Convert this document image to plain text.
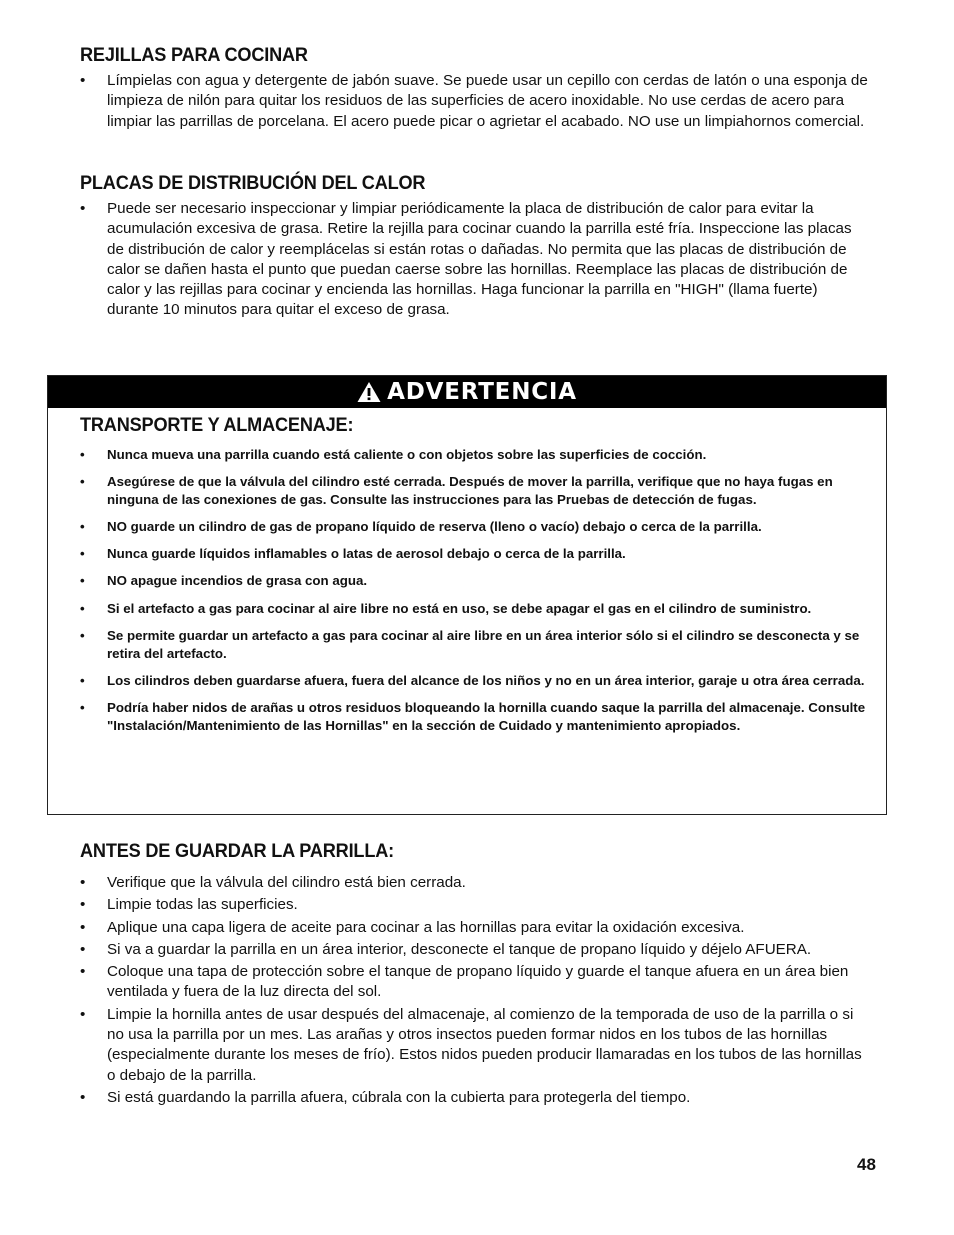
REJILLAS PARA COCINAR
• Límpielas con agua y detergente de jabón suave. Se puede usar un cepillo con cerdas de latón o una esponja de limpieza de nilón para quitar los residuos de las superficies de acero inoxidable. No use cerdas de acero para limpiar las parrillas de porcelana. El acero puede picar o agrietar el acabado. NO use un limpiahornos comercial.
PLACAS DE DISTRIBUCIÓN DEL CALOR
• Puede ser necesario inspeccionar y limpiar periódicamente la placa de distribución de calor para evitar la acumulación excesiva de grasa. Retire la rejilla para cocinar cuando la parrilla esté fría. Inspeccione las placas de distribución de calor y reemplácelas si están rotas o dañadas. No permita que las placas de distribución de calor se dañen hasta el punto que puedan caerse sobre las hornillas. Reemplace las placas de distribución de calor y las rejillas para cocinar y encienda las hornillas. Haga funcionar la parrilla en "HIGH" (llama fuerte) durante 10 minutos para quitar el exceso de grasa.
ADVERTENCIA
TRANSPORTE Y ALMACENAJE:
• Nunca mueva una parrilla cuando está caliente o con objetos sobre las superficies de cocción.
• Asegúrese de que la válvula del cilindro esté cerrada. Después de mover la parrilla, verifique que no haya fugas en ninguna de las conexiones de gas. Consulte las instrucciones para las Pruebas de detección de fugas.
• NO guarde un cilindro de gas de propano líquido de reserva (lleno o vacío) debajo o cerca de la parrilla.
• Nunca guarde líquidos inflamables o latas de aerosol debajo o cerca de la parrilla.
• NO apague incendios de grasa con agua.
• Si el artefacto a gas para cocinar al aire libre no está en uso, se debe apagar el gas en el cilindro de suministro.
• Se permite guardar un artefacto a gas para cocinar al aire libre en un área interior sólo si el cilindro se desconecta y se retira del artefacto.
• Los cilindros deben guardarse afuera, fuera del alcance de los niños y no en un área interior, garaje u otra área cerrada.
• Podría haber nidos de arañas u otros residuos bloqueando la hornilla cuando saque la parrilla del almacenaje. Consulte "Instalación/Mantenimiento de las Hornillas" en la sección de Cuidado y mantenimiento apropiados.
ANTES DE GUARDAR LA PARRILLA:
• Verifique que la válvula del cilindro está bien cerrada.
• Limpie todas las superficies.
• Aplique una capa ligera de aceite para cocinar a las hornillas para evitar la oxidación excesiva.
• Si va a guardar la parrilla en un área interior, desconecte el tanque de propano líquido y déjelo AFUERA.
• Coloque una tapa de protección sobre el tanque de propano líquido y guarde el tanque afuera en un área bien ventilada y fuera de la luz directa del sol.
• Limpie la hornilla antes de usar después del almacenaje, al comienzo de la temporada de uso de la parrilla o si no usa la parrilla por un mes. Las arañas y otros insectos pueden formar nidos en los tubos de las hornillas (especialmente durante los meses de frío). Estos nidos pueden producir llamaradas en los tubos de las hornillas o debajo de la parrilla.
• Si está guardando la parrilla afuera, cúbrala con la cubierta para protegerla del tiempo.
48
